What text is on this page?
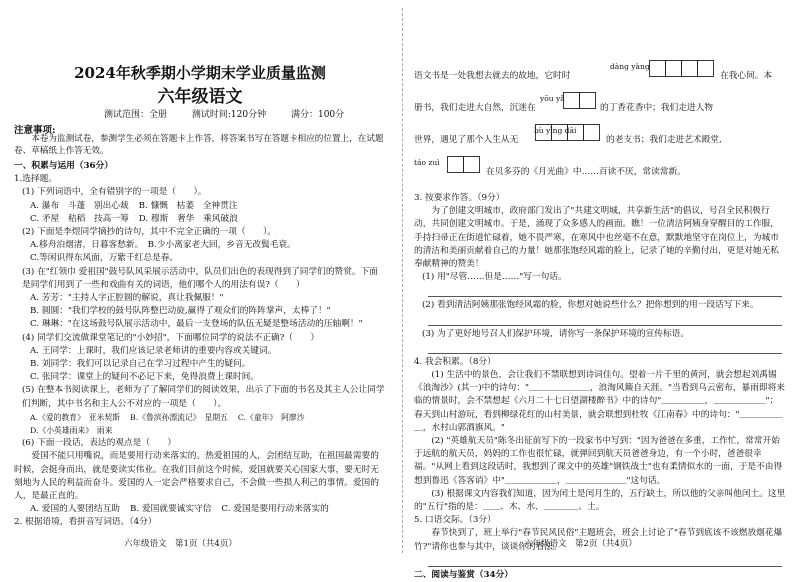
2024年秋季期小学期末学业质量监测
六年级语文
测试范围：全册	测试时间:120分钟	满分：100分
注意事项:
本卷为监测试卷，参测学生必须在答题卡上作答，将答案书写在答题卡相应的位置上，在试题卷、草稿纸上作答无效。

一、积累与运用（36分）

1.选择题。

(1) 下列词语中，全有错别字的一项是（　　）。

A. 瀑布　斗蓬　别出心裁 B. 慷慨　枯萎　全神贯注

C. 矛屋　秸稻　技高一筹 D. 穆斯　奢华　乘风破浪

(2) 下面是李煜同学摘抄的诗句，其中不完全正确的一项（　　）。

A.移舟泊烟渚，日暮客愁新。　B.少小离家老大回，乡音无改鬓毛衰。

C.等闲识得东风面，万紫千红总是春。

(3) 在"红领巾 爱祖国"鼓号队风采展示活动中，队员们出色的表现得到了同学们的赞赏。下面是同学们用到了一些和戏曲有关的词语，他们哪个人的用法有误?（　　）

A. 芳芳："主持人字正腔圆的解说，真让我佩服！"

B. 圆圆："我们学校的鼓号队阵整巴动旋,赢得了观众们的阵阵掌声，太棒了！"

C. 琳琳："在这场鼓号队展示活动中，最后一支登场的队伍无疑是整场活动的压轴啊！"

(4) 同学们交流做课堂笔记的"小妙招"，下面哪位同学的说法不正确?（　　）

A. 王同学：上课时，我们应该记录老师讲的重要内容或关键词。

B. 刘同学：我们可以记录自己在学习过程中产生的疑问。

C. 张同学：课堂上的疑问不必记下来，免得浪费上课时间。

(5) 在整本书阅读课上，老师为了了解同学们的阅读效果，出示了下面的书名及其主人公让同学们判断，其中书名和主人公不对应的一项是（　　）。

A.《爱的教育》　亚米契斯 B.《鲁滨孙漂流记》　星期五 C.《童年》　阿廖沙D.《小英雄雨来》　雨来

(6) 下面一段话，表达的观点是（　　）

爱国不能只用嘴说，而是要用行动来落实的。热爱祖国的人，会团结互助，在祖国最需要的时候，会挺身而出，就是要读实伟业。在我们目前这个时候，爱国就要关心国家大事，要无时无刻地为人民的利益而奋斗。爱国的人一定会严格要求自己，不会做一些损人利己的事情。爱国的人，是最正直的。

A. 爱国的人要团结互助 B. 爱国就要诚实守信 C. 爱国是要用行动来落实的

2. 根据语境，看拼音写词语。（4分）

六年级语文　第1页（共4页）
语文书是一处我想去就去的故地，它时时
dàng yàng
在我心间。本
册书，我们走进大自然，沉迷在
yōu yǎ
的丁香花香中；我们走进人物
世界，遇见了那个人生从无
bù yīng dāi
的老支书；我们走进艺术殿堂,
táo zuì
在贝多芬的《月光曲》中……百读不厌，常读常新。

3. 按要求作答。（9分）

为了创建文明城市，政府部门发出了"共建文明城，共享新生活"的倡议，号召全民积极行动，共同创建文明城市。于是，涌现了众多感人的画面。瞧！一位清洁阿姨身穿醒目的工作服，手持扫帚正在街道忙碌着，她不畏严寒，在寒风中也丝毫不在意，默默地坚守在岗位上，为城市的清洁和美丽贡献着自己的力量！她那张饱经风霜的脸上，记录了她的辛勤付出，更是对她无私奉献精神的赞美！

(1) 用"尽管……但是……"写一句话。

(2) 看到清洁阿姨那张饱经风霜的脸，你想对她说些什么？把你想到的用一段话写下来。

(3) 为了更好地号召人们保护环境，请你写一条保护环境的宣传标语。

4. 我会积累。（8分）

(1) 生活中的景色，会让我们不禁联想到诗词佳句。望着一片千里的黄河，就会想起刘禹锡《浪淘沙》(其一)中的诗句："＿＿＿＿＿＿＿，浪淘风簸自天涯。"当看到乌云密布，暴雨即将来临的情景时，会不禁想起《六月二十七日望湖楼醉书》中的诗句"＿＿＿＿＿，＿＿＿＿＿＿"；春天到山村游玩，看到柳绿花红的山村美景，就会联想到杜牧《江南春》中的诗句："＿＿＿＿＿＿，水村山郭酒旗风。"

(2) "英雄航天员"陈冬出征前写下的一段家书中写到："因为爸爸在多重，工作忙，常常开始于远航的航天员，妈妈的工作也很忙碌，就弹回到航天员爸爸身边，有一个小时，爸爸很幸福。"从网上看到这段话时，我想到了课文中的英雄"钢铁战士"也有柔情似水的一面，于是不由得想到鲁迅《答客诮》中"＿＿＿＿＿＿，＿＿＿＿＿＿＿"这句话。

(3) 根据课文内容我们知道，因为闰土是闰月生的，五行缺土，所以他的父亲叫他闰土。这里的"五行"指的是：＿＿、木、水、＿＿＿＿、土。

5. 口语交际。（3分）

春节快到了，班上举行"春节民风民俗"主题班会，班会上讨论了"春节到底该不该燃放烟花爆竹?"请你也参与其中，谈谈你的看法。

二、阅读与鉴赏（34分）

六年级语文　第2页（共4页）
